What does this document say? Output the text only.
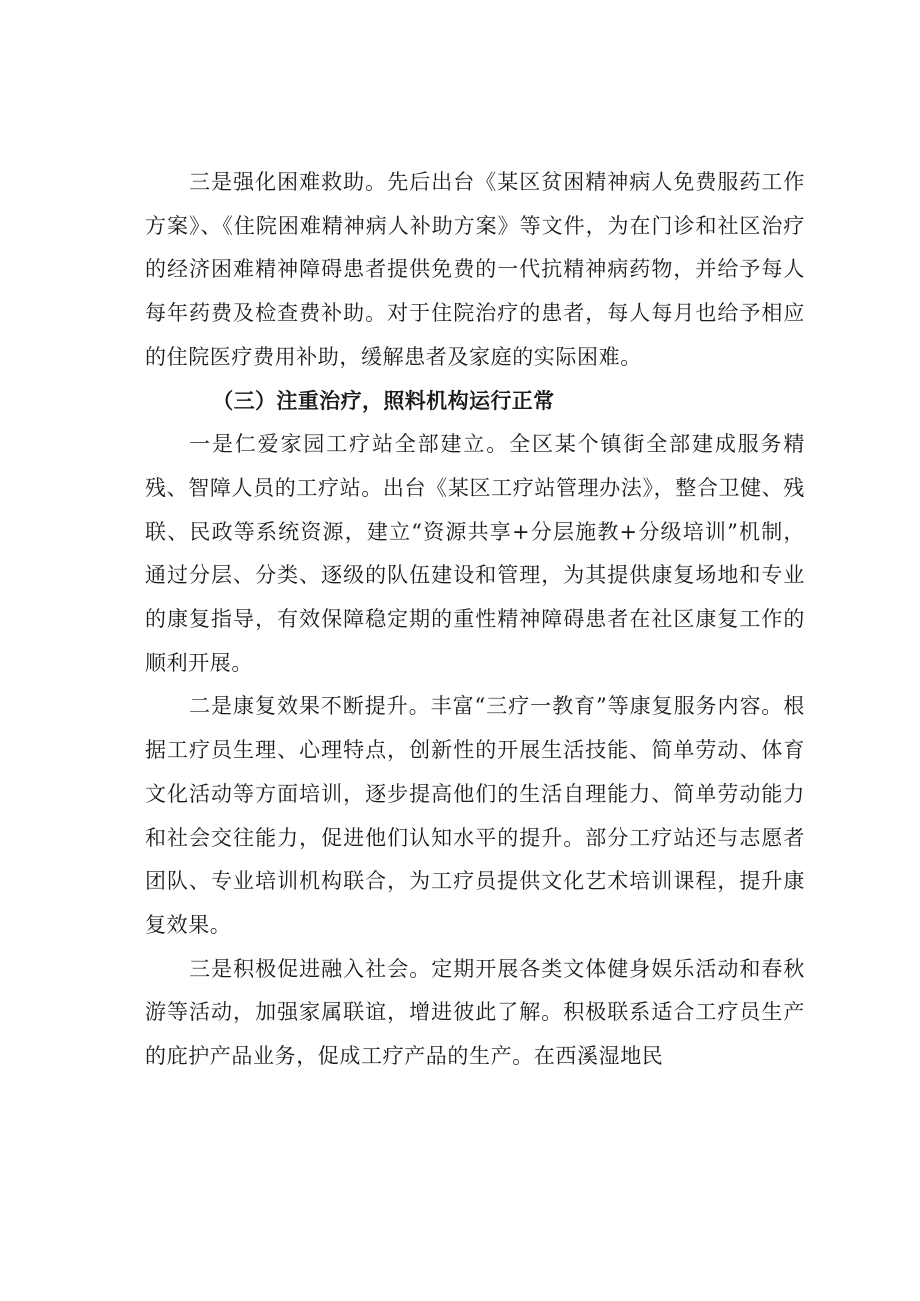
三是强化困难救助。先后出台《某区贫困精神病人免费服药工作方案》、《住院困难精神病人补助方案》等文件，为在门诊和社区治疗的经济困难精神障碍患者提供免费的一代抗精神病药物，并给予每人每年药费及检查费补助。对于住院治疗的患者，每人每月也给予相应的住院医疗费用补助，缓解患者及家庭的实际困难。

（三）注重治疗，照料机构运行正常

一是仁爱家园工疗站全部建立。全区某个镇街全部建成服务精残、智障人员的工疗站。出台《某区工疗站管理办法》，整合卫健、残联、民政等系统资源，建立“资源共享+分层施教+分级培训”机制，通过分层、分类、逐级的队伍建设和管理，为其提供康复场地和专业的康复指导，有效保障稳定期的重性精神障碍患者在社区康复工作的顺利开展。

二是康复效果不断提升。丰富“三疗一教育”等康复服务内容。根据工疗员生理、心理特点，创新性的开展生活技能、简单劳动、体育文化活动等方面培训，逐步提高他们的生活自理能力、简单劳动能力和社会交往能力，促进他们认知水平的提升。部分工疗站还与志愿者团队、专业培训机构联合，为工疗员提供文化艺术培训课程，提升康复效果。

三是积极促进融入社会。定期开展各类文体健身娱乐活动和春秋游等活动，加强家属联谊，增进彼此了解。积极联系适合工疗员生产的庇护产品业务，促成工疗产品的生产。在西溪湿地民
